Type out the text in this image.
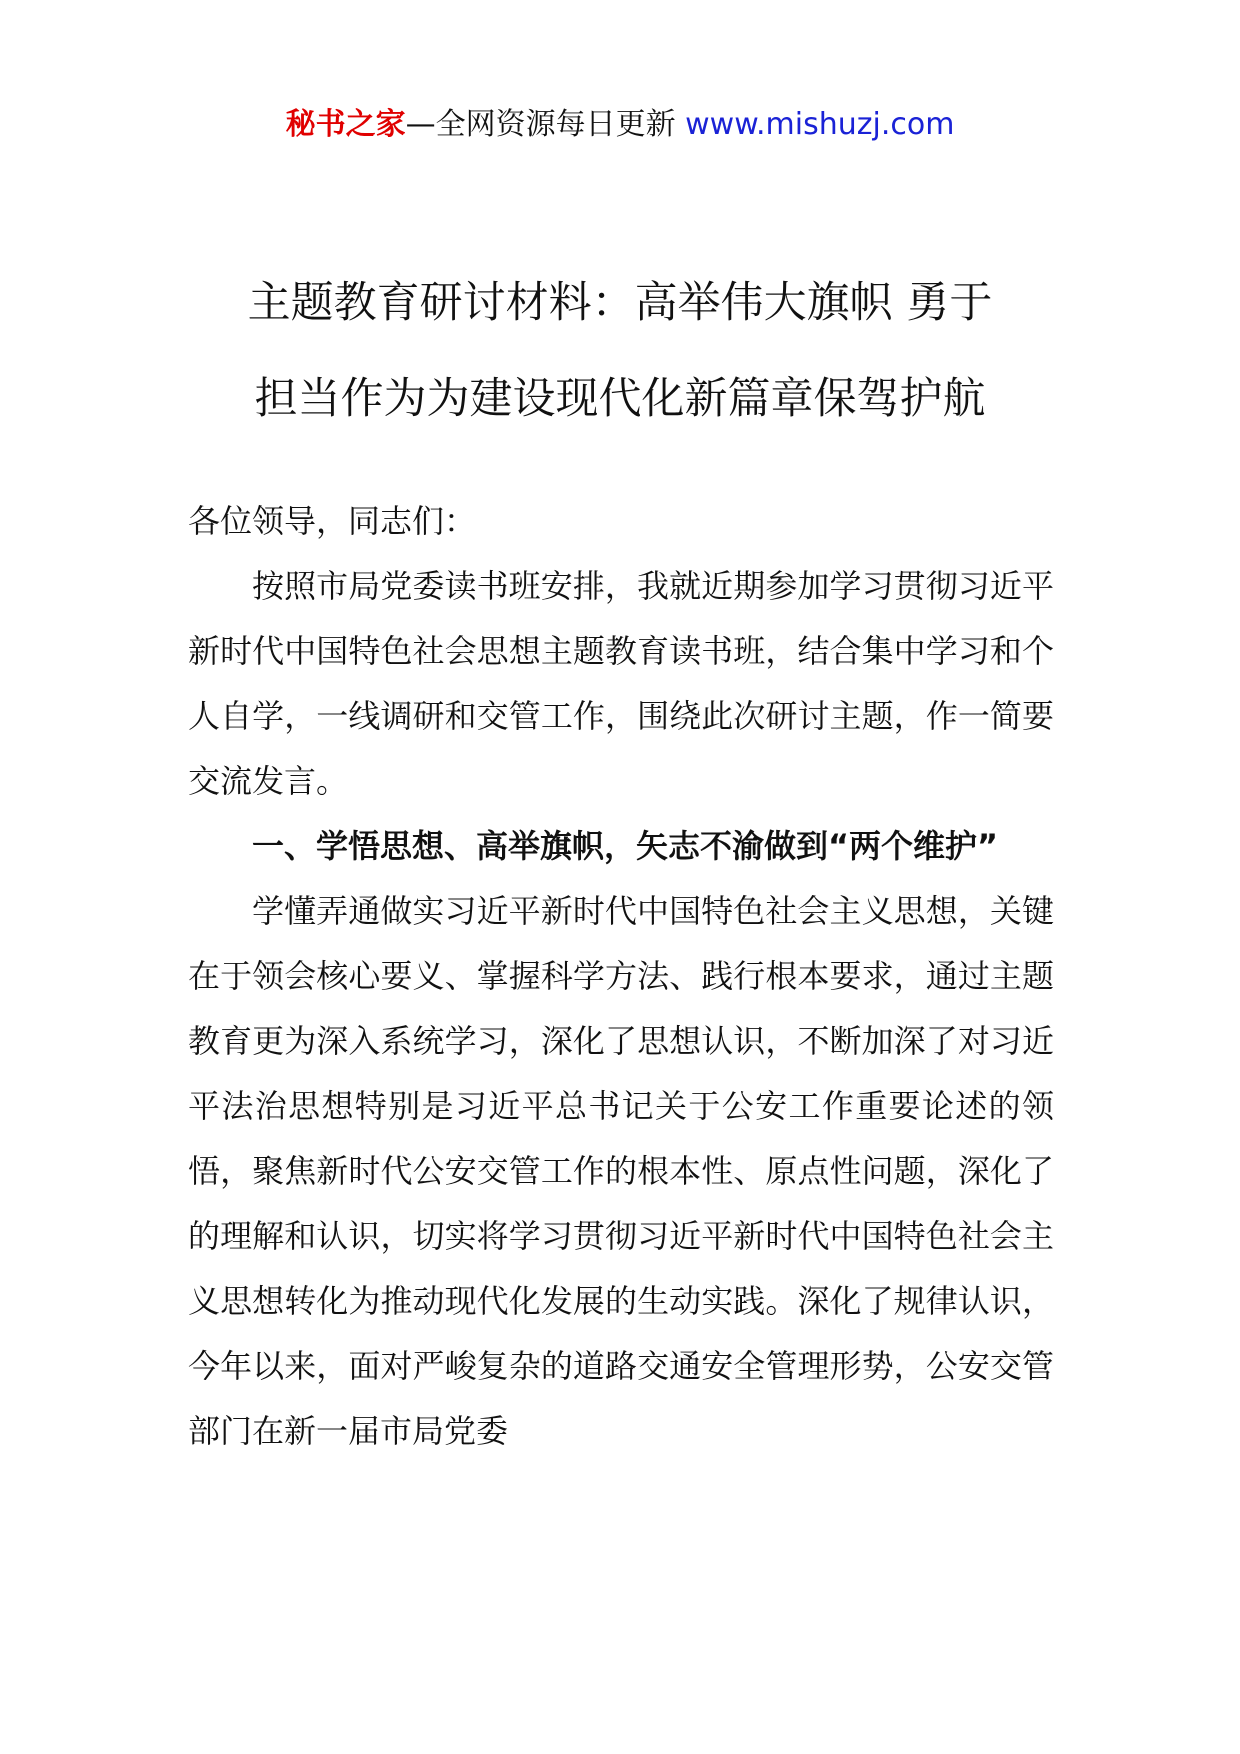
秘书之家—全网资源每日更新 www.mishuzj.com
主题教育研讨材料：高举伟大旗帜 勇于
担当作为为建设现代化新篇章保驾护航

各位领导，同志们：

按照市局党委读书班安排，我就近期参加学习贯彻习近平新时代中国特色社会思想主题教育读书班，结合集中学习和个人自学，一线调研和交管工作，围绕此次研讨主题，作一简要交流发言。

一、学悟思想、高举旗帜，矢志不渝做到“两个维护”

学懂弄通做实习近平新时代中国特色社会主义思想，关键在于领会核心要义、掌握科学方法、践行根本要求，通过主题教育更为深入系统学习，深化了思想认识，不断加深了对习近平法治思想特别是习近平总书记关于公安工作重要论述的领悟，聚焦新时代公安交管工作的根本性、原点性问题，深化了的理解和认识，切实将学习贯彻习近平新时代中国特色社会主义思想转化为推动现代化发展的生动实践。深化了规律认识，今年以来，面对严峻复杂的道路交通安全管理形势，公安交管部门在新一届市局党委
